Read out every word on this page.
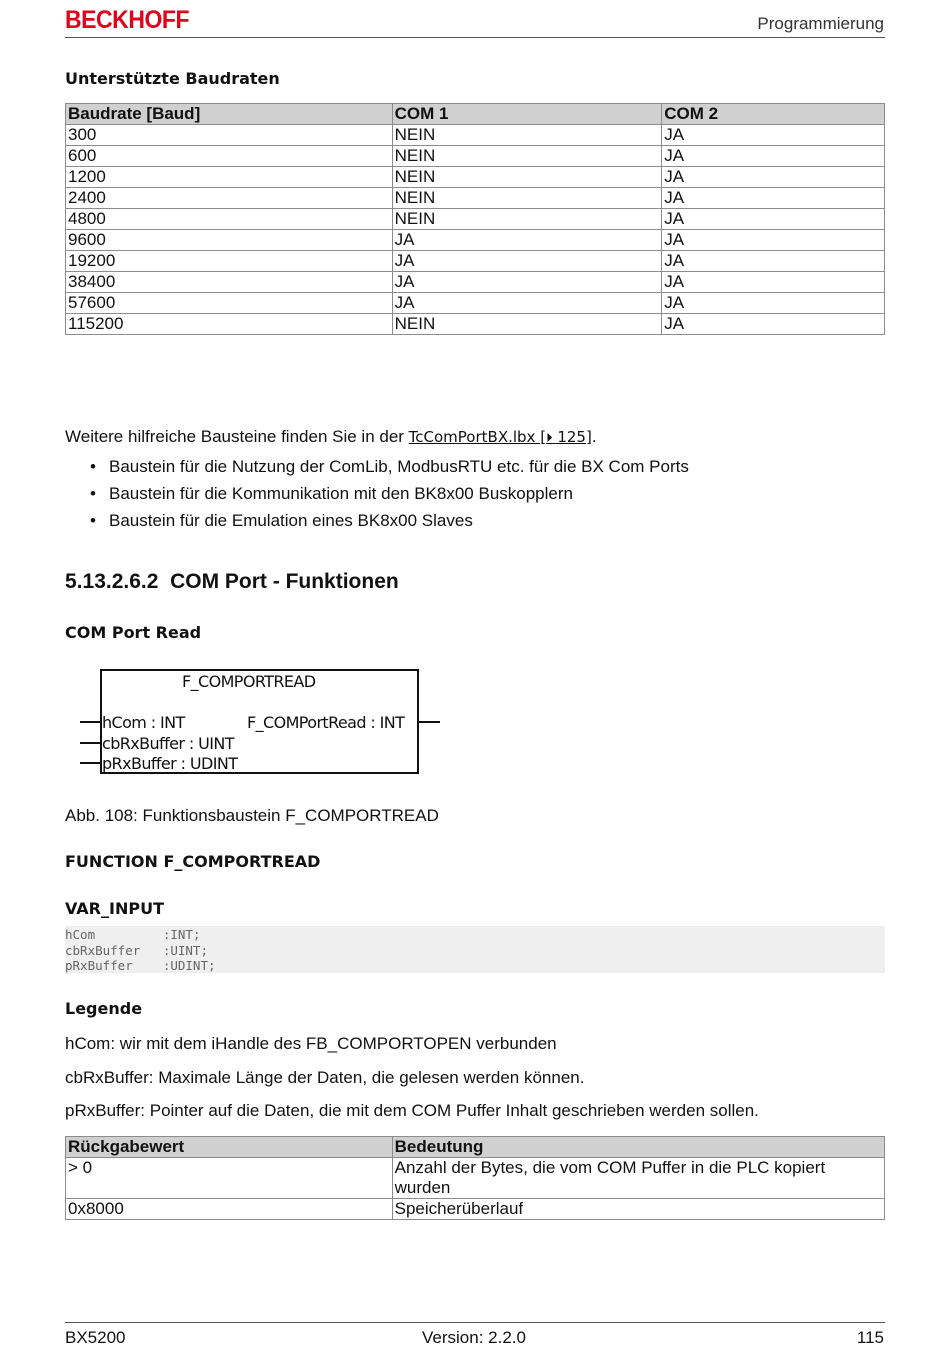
BECKHOFF	Programmierung
Unterstützte Baudraten
Baudrate [Baud]	COM 1	COM 2
300	NEIN	JA
600	NEIN	JA
1200	NEIN	JA
2400	NEIN	JA
4800	NEIN	JA
9600	JA	JA
19200	JA	JA
38400	JA	JA
57600	JA	JA
115200	NEIN	JA
Weitere hilfreiche Bausteine finden Sie in der TcComPortBX.lbx [⏵ 125].
• Baustein für die Nutzung der ComLib, ModbusRTU etc. für die BX Com Ports
• Baustein für die Kommunikation mit den BK8x00 Buskopplern
• Baustein für die Emulation eines BK8x00 Slaves
5.13.2.6.2  COM Port - Funktionen
COM Port Read
F_COMPORTREAD
hCom : INT
cbRxBuffer : UINT
pRxBuffer : UDINT
F_COMPortRead : INT
Abb. 108: Funktionsbaustein F_COMPORTREAD
FUNCTION F_COMPORTREAD
VAR_INPUT
hCom         :INT;
cbRxBuffer   :UINT;
pRxBuffer    :UDINT;
Legende
hCom: wir mit dem iHandle des FB_COMPORTOPEN verbunden
cbRxBuffer: Maximale Länge der Daten, die gelesen werden können.
pRxBuffer: Pointer auf die Daten, die mit dem COM Puffer Inhalt geschrieben werden sollen.
Rückgabewert	Bedeutung
> 0	Anzahl der Bytes, die vom COM Puffer in die PLC kopiert wurden
0x8000	Speicherüberlauf
BX5200	Version: 2.2.0	115
